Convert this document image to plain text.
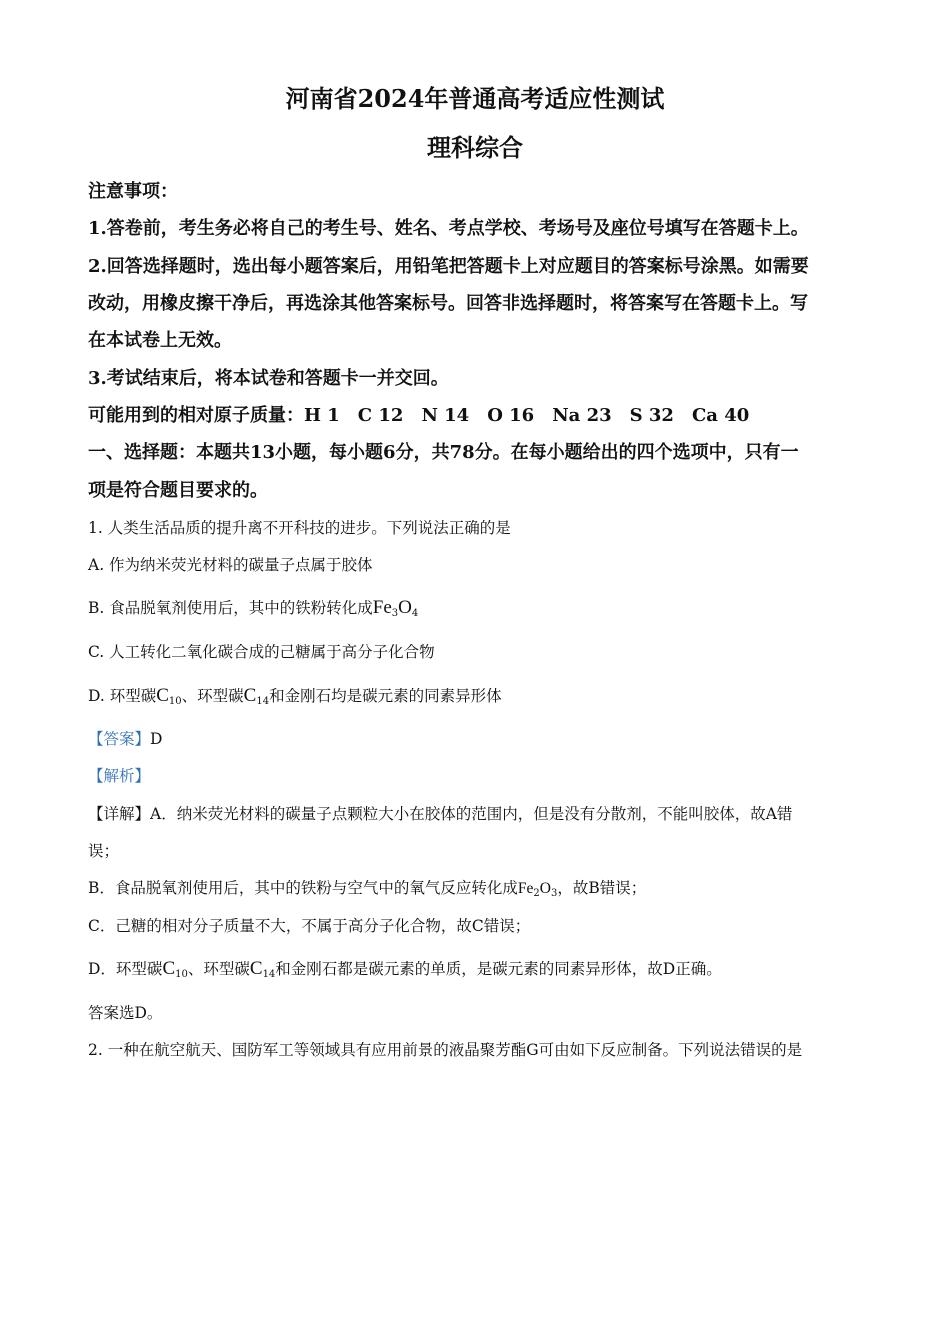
河南省2024年普通高考适应性测试
理科综合
注意事项：
1.答卷前，考生务必将自己的考生号、姓名、考点学校、考场号及座位号填写在答题卡上。
2.回答选择题时，选出每小题答案后，用铅笔把答题卡上对应题目的答案标号涂黑。如需要
改动，用橡皮擦干净后，再选涂其他答案标号。回答非选择题时，将答案写在答题卡上。写
在本试卷上无效。
3.考试结束后，将本试卷和答题卡一并交回。
可能用到的相对原子质量：H 1　C 12　N 14　O 16　Na 23　S 32　Ca 40
一、选择题：本题共13小题，每小题6分，共78分。在每小题给出的四个选项中，只有一
项是符合题目要求的。
1. 人类生活品质的提升离不开科技的进步。下列说法正确的是
A. 作为纳米荧光材料的碳量子点属于胶体
B. 食品脱氧剂使用后，其中的铁粉转化成$Fe_3O_4$
C. 人工转化二氧化碳合成的己糖属于高分子化合物
D. 环型碳$C_{10}$、环型碳$C_{14}$和金刚石均是碳元素的同素异形体
【答案】D
【解析】
【详解】A．纳米荧光材料的碳量子点颗粒大小在胶体的范围内，但是没有分散剂，不能叫胶体，故A错
误；
B．食品脱氧剂使用后，其中的铁粉与空气中的氧气反应转化成$Fe_2O_3$，故B错误；
C．己糖的相对分子质量不大，不属于高分子化合物，故C错误；
D．环型碳$C_{10}$、环型碳$C_{14}$和金刚石都是碳元素的单质，是碳元素的同素异形体，故D正确。
答案选D。
2. 一种在航空航天、国防军工等领域具有应用前景的液晶聚芳酯G可由如下反应制备。下列说法错误的是
